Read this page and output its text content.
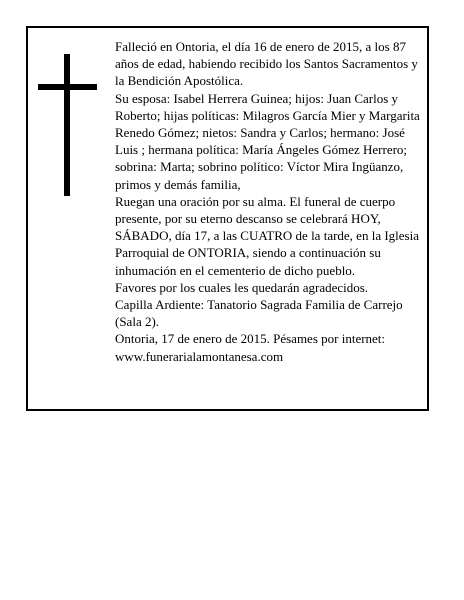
Falleció en Ontoria, el día 16 de enero de 2015, a los 87 años de edad, habiendo recibido los Santos Sacramentos y la Bendición Apostólica.

Su esposa: Isabel Herrera Guinea; hijos: Juan Carlos y Roberto; hijas políticas: Milagros García Mier y Margarita Renedo Gómez; nietos: Sandra y Carlos; hermano: José Luis ; hermana política: María Ángeles Gómez Herrero; sobrina: Marta; sobrino político: Víctor Mira Ingüanzo, primos y demás familia,

Ruegan una oración por su alma. El funeral de cuerpo presente, por su eterno descanso se celebrará HOY, SÁBADO, día 17, a las CUATRO de la tarde, en la Iglesia Parroquial de ONTORIA, siendo a continuación su inhumación en el cementerio de dicho pueblo.

Favores por los cuales les quedarán agradecidos.

Capilla Ardiente: Tanatorio Sagrada Familia de Carrejo (Sala 2).

Ontoria, 17 de enero de 2015. Pésames por internet: www.funerarialamontanesa.com
